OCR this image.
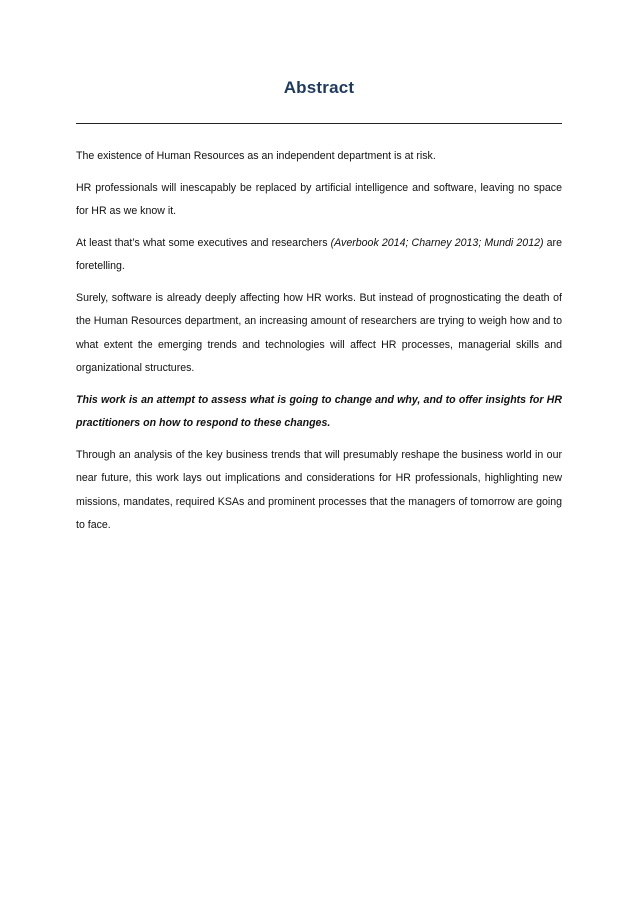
Abstract

The existence of Human Resources as an independent department is at risk.

HR professionals will inescapably be replaced by artificial intelligence and software, leaving no space for HR as we know it.

At least that’s what some executives and researchers (Averbook 2014; Charney 2013; Mundi 2012) are foretelling.

Surely, software is already deeply affecting how HR works. But instead of prognosticating the death of the Human Resources department, an increasing amount of researchers are trying to weigh how and to what extent the emerging trends and technologies will affect HR processes, managerial skills and organizational structures.

This work is an attempt to assess what is going to change and why, and to offer insights for HR practitioners on how to respond to these changes.

Through an analysis of the key business trends that will presumably reshape the business world in our near future, this work lays out implications and considerations for HR professionals, highlighting new missions, mandates, required KSAs and prominent processes that the managers of tomorrow are going to face.
